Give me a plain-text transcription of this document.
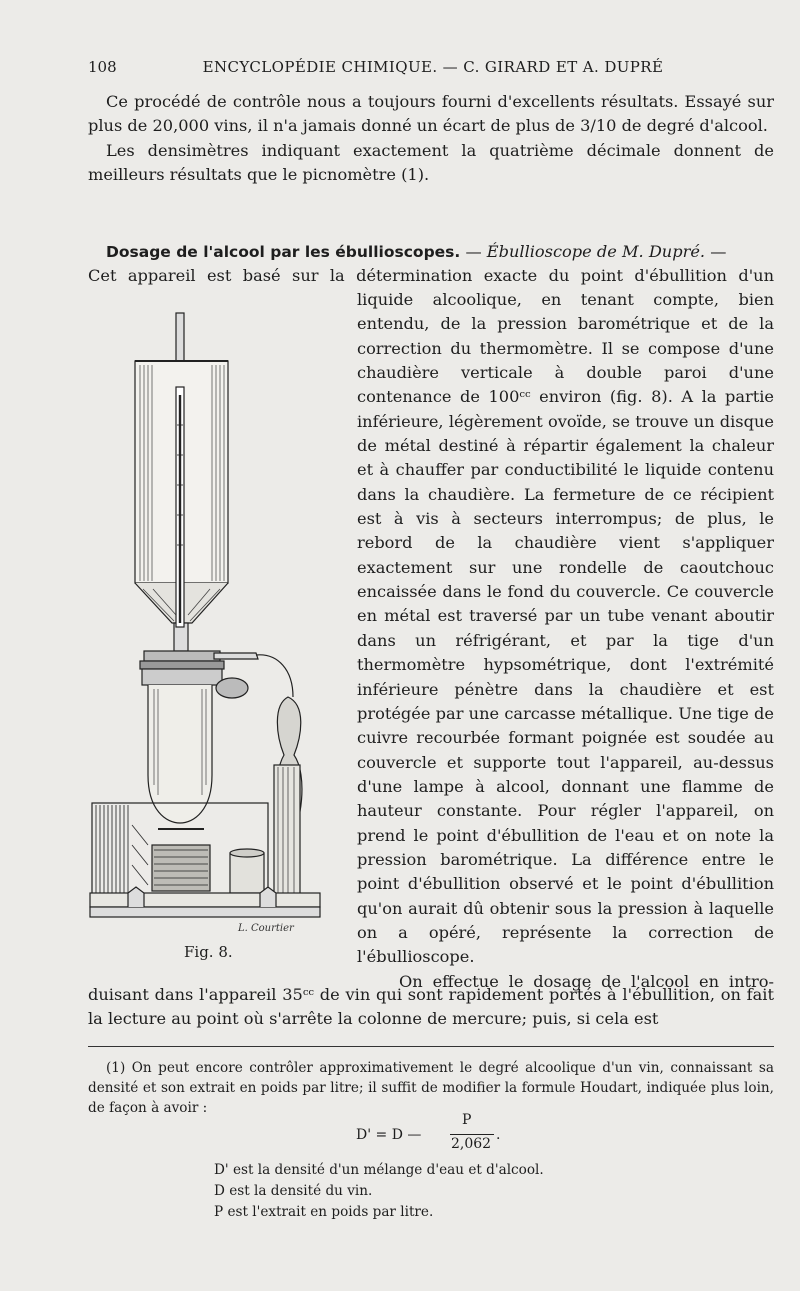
108	ENCYCLOPÉDIE CHIMIQUE. — C. GIRARD ET A. DUPRÉ

Ce procédé de contrôle nous a toujours fourni d'excellents résultats. Essayé sur plus de 20,000 vins, il n'a jamais donné un écart de plus de 3/10 de degré d'alcool.

Les densimètres indiquant exactement la quatrième décimale donnent de meilleurs résultats que le picnomètre (1).

Dosage de l'alcool par les ébullioscopes. — Ébullioscope de M. Dupré. —

Cet appareil est basé sur la détermination exacte du point d'ébullition d'un

liquide alcoolique, en tenant compte, bien entendu, de la pression barométrique et de la correction du thermomètre. Il se compose d'une chaudière verticale à double paroi d'une contenance de 100ᶜᶜ environ (fig. 8). A la partie inférieure, légèrement ovoïde, se trouve un disque de métal destiné à répartir également la chaleur et à chauffer par conductibilité le liquide contenu dans la chaudière. La fermeture de ce récipient est à vis à secteurs interrompus; de plus, le rebord de la chaudière vient s'appliquer exactement sur une rondelle de caoutchouc encaissée dans le fond du couvercle. Ce couvercle en métal est traversé par un tube venant aboutir dans un réfrigérant, et par la tige d'un thermomètre hypsométrique, dont l'extrémité inférieure pénètre dans la chaudière et est protégée par une carcasse métallique. Une tige de cuivre recourbée formant poignée est soudée au couvercle et supporte tout l'appareil, au-dessus d'une lampe à alcool, donnant une flamme de hauteur constante. Pour régler l'appareil, on prend le point d'ébullition de l'eau et on note la pression barométrique. La différence entre le point d'ébullition observé et le point d'ébullition qu'on aurait dû obtenir sous la pression à laquelle on a opéré, représente la correction de l'ébullioscope.

On effectue le dosage de l'alcool en intro-

duisant dans l'appareil 35ᶜᶜ de vin qui sont rapidement portés à l'ébullition, on fait la lecture au point où s'arrête la colonne de mercure; puis, si cela est

L. Courtier
Fig. 8.

(1) On peut encore contrôler approximativement le degré alcoolique d'un vin, connaissant sa densité et son extrait en poids par litre; il suffit de modifier la formule Houdart, indiquée plus loin, de façon à avoir :

D' = D —
P
2,062
.
D' est la densité d'un mélange d'eau et d'alcool.
D est la densité du vin.
P est l'extrait en poids par litre.
